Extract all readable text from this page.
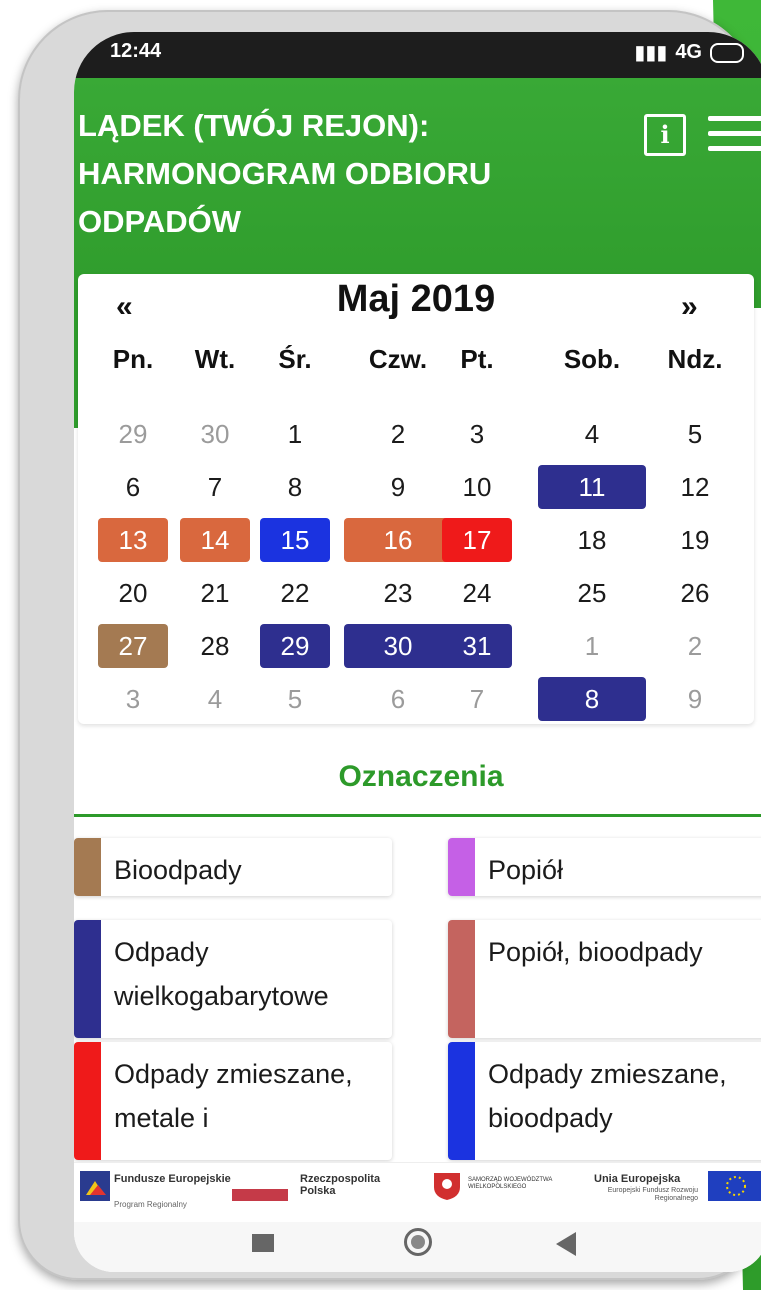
12:44	▮▮▮ 4G
LĄDEK (TWÓJ REJON): HARMONOGRAM ODBIORU ODPADÓW
i
Maj 2019
«	»
Pn.	Wt.	Śr.	Czw.	Pt.	Sob.	Ndz.
29	30	1	2	3	4	5
6	7	8	9	10	11	12
13	14	15	16	17	18	19
20	21	22	23	24	25	26
27	28	29	30	31	1	2
3	4	5	6	7	8	9
Oznaczenia
Bioodpady	Popiół
Odpady wielkogabarytowe
Popiół, bioodpady
Odpady zmieszane, metale i
Odpady zmieszane, bioodpady
Fundusze Europejskie
Program Regionalny
Rzeczpospolita Polska
SAMORZĄD WOJEWÓDZTWA WIELKOPOLSKIEGO
Unia Europejska
Europejski Fundusz Rozwoju Regionalnego
